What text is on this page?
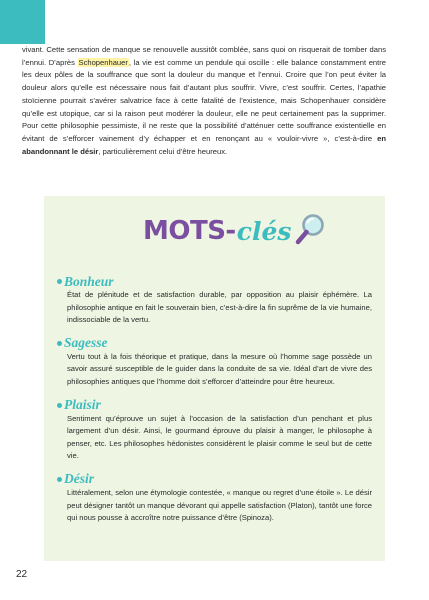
vivant. Cette sensation de manque se renouvelle aussitôt comblée, sans quoi on risquerait de tomber dans l’ennui. D’après Schopenhauer, la vie est comme un pendule qui oscille : elle balance constamment entre les deux pôles de la souffrance que sont la douleur du manque et l’ennui. Croire que l’on peut éviter la douleur alors qu’elle est nécessaire nous fait d’autant plus souffrir. Vivre, c’est souffrir. Certes, l’apathie stoïcienne pourrait s’avérer salvatrice face à cette fatalité de l’existence, mais Schopenhauer considère qu’elle est utopique, car si la raison peut modérer la douleur, elle ne peut certainement pas la supprimer. Pour cette philosophie pessimiste, il ne reste que la possibilité d’atténuer cette souffrance existentielle en évitant de s’efforcer vainement d’y échapper et en renonçant au « vouloir-vivre », c’est-à-dire en abandonnant le désir, particulièrement celui d’être heureux.
MOTS- clés
Bonheur
État de plénitude et de satisfaction durable, par opposition au plaisir éphémère. La philosophie antique en fait le souverain bien, c’est-à-dire la fin suprême de la vie humaine, indissociable de la vertu.
Sagesse
Vertu tout à la fois théorique et pratique, dans la mesure où l’homme sage possède un savoir assuré susceptible de le guider dans la conduite de sa vie. Idéal d’art de vivre des philosophies antiques que l’homme doit s’efforcer d’atteindre pour être heureux.
Plaisir
Sentiment qu’éprouve un sujet à l’occasion de la satisfaction d’un penchant et plus largement d’un désir. Ainsi, le gourmand éprouve du plaisir à manger, le philosophe à penser, etc. Les philosophes hédonistes considèrent le plaisir comme le seul but de cette vie.
Désir
Littéralement, selon une étymologie contestée, « manque ou regret d’une étoile ». Le désir peut désigner tantôt un manque dévorant qui appelle satisfaction (Platon), tantôt une force qui nous pousse à accroître notre puissance d’être (Spinoza).
22
